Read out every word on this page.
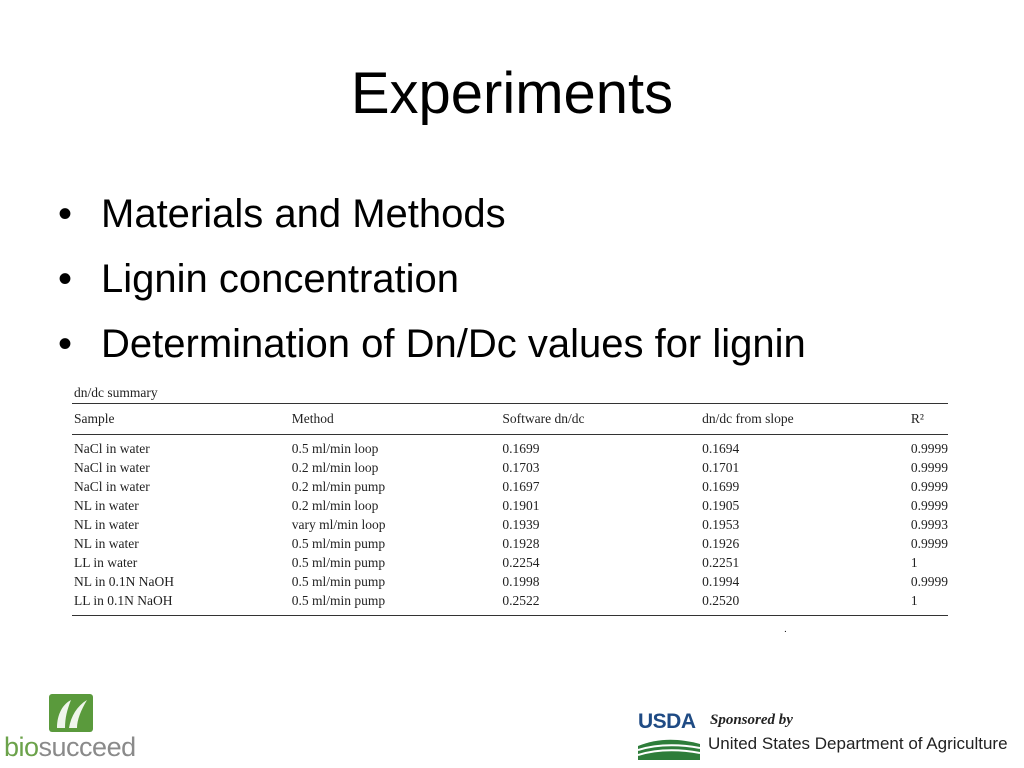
Experiments
• Materials and Methods
• Lignin concentration
• Determination of Dn/Dc values for lignin
dn/dc summary
Sample	Method	Software dn/dc	dn/dc from slope	R²

NaCl in water	0.5 ml/min loop	0.1699	0.1694	0.9999
NaCl in water	0.2 ml/min loop	0.1703	0.1701	0.9999
NaCl in water	0.2 ml/min pump	0.1697	0.1699	0.9999
NL in water	0.2 ml/min loop	0.1901	0.1905	0.9999
NL in water	vary ml/min loop	0.1939	0.1953	0.9993
NL in water	0.5 ml/min pump	0.1928	0.1926	0.9999
LL in water	0.5 ml/min pump	0.2254	0.2251	1
NL in 0.1N NaOH	0.5 ml/min pump	0.1998	0.1994	0.9999
LL in 0.1N NaOH	0.5 ml/min pump	0.2522	0.2520	1
.
biosucceed
USDA Sponsored by
United States Department of Agriculture
